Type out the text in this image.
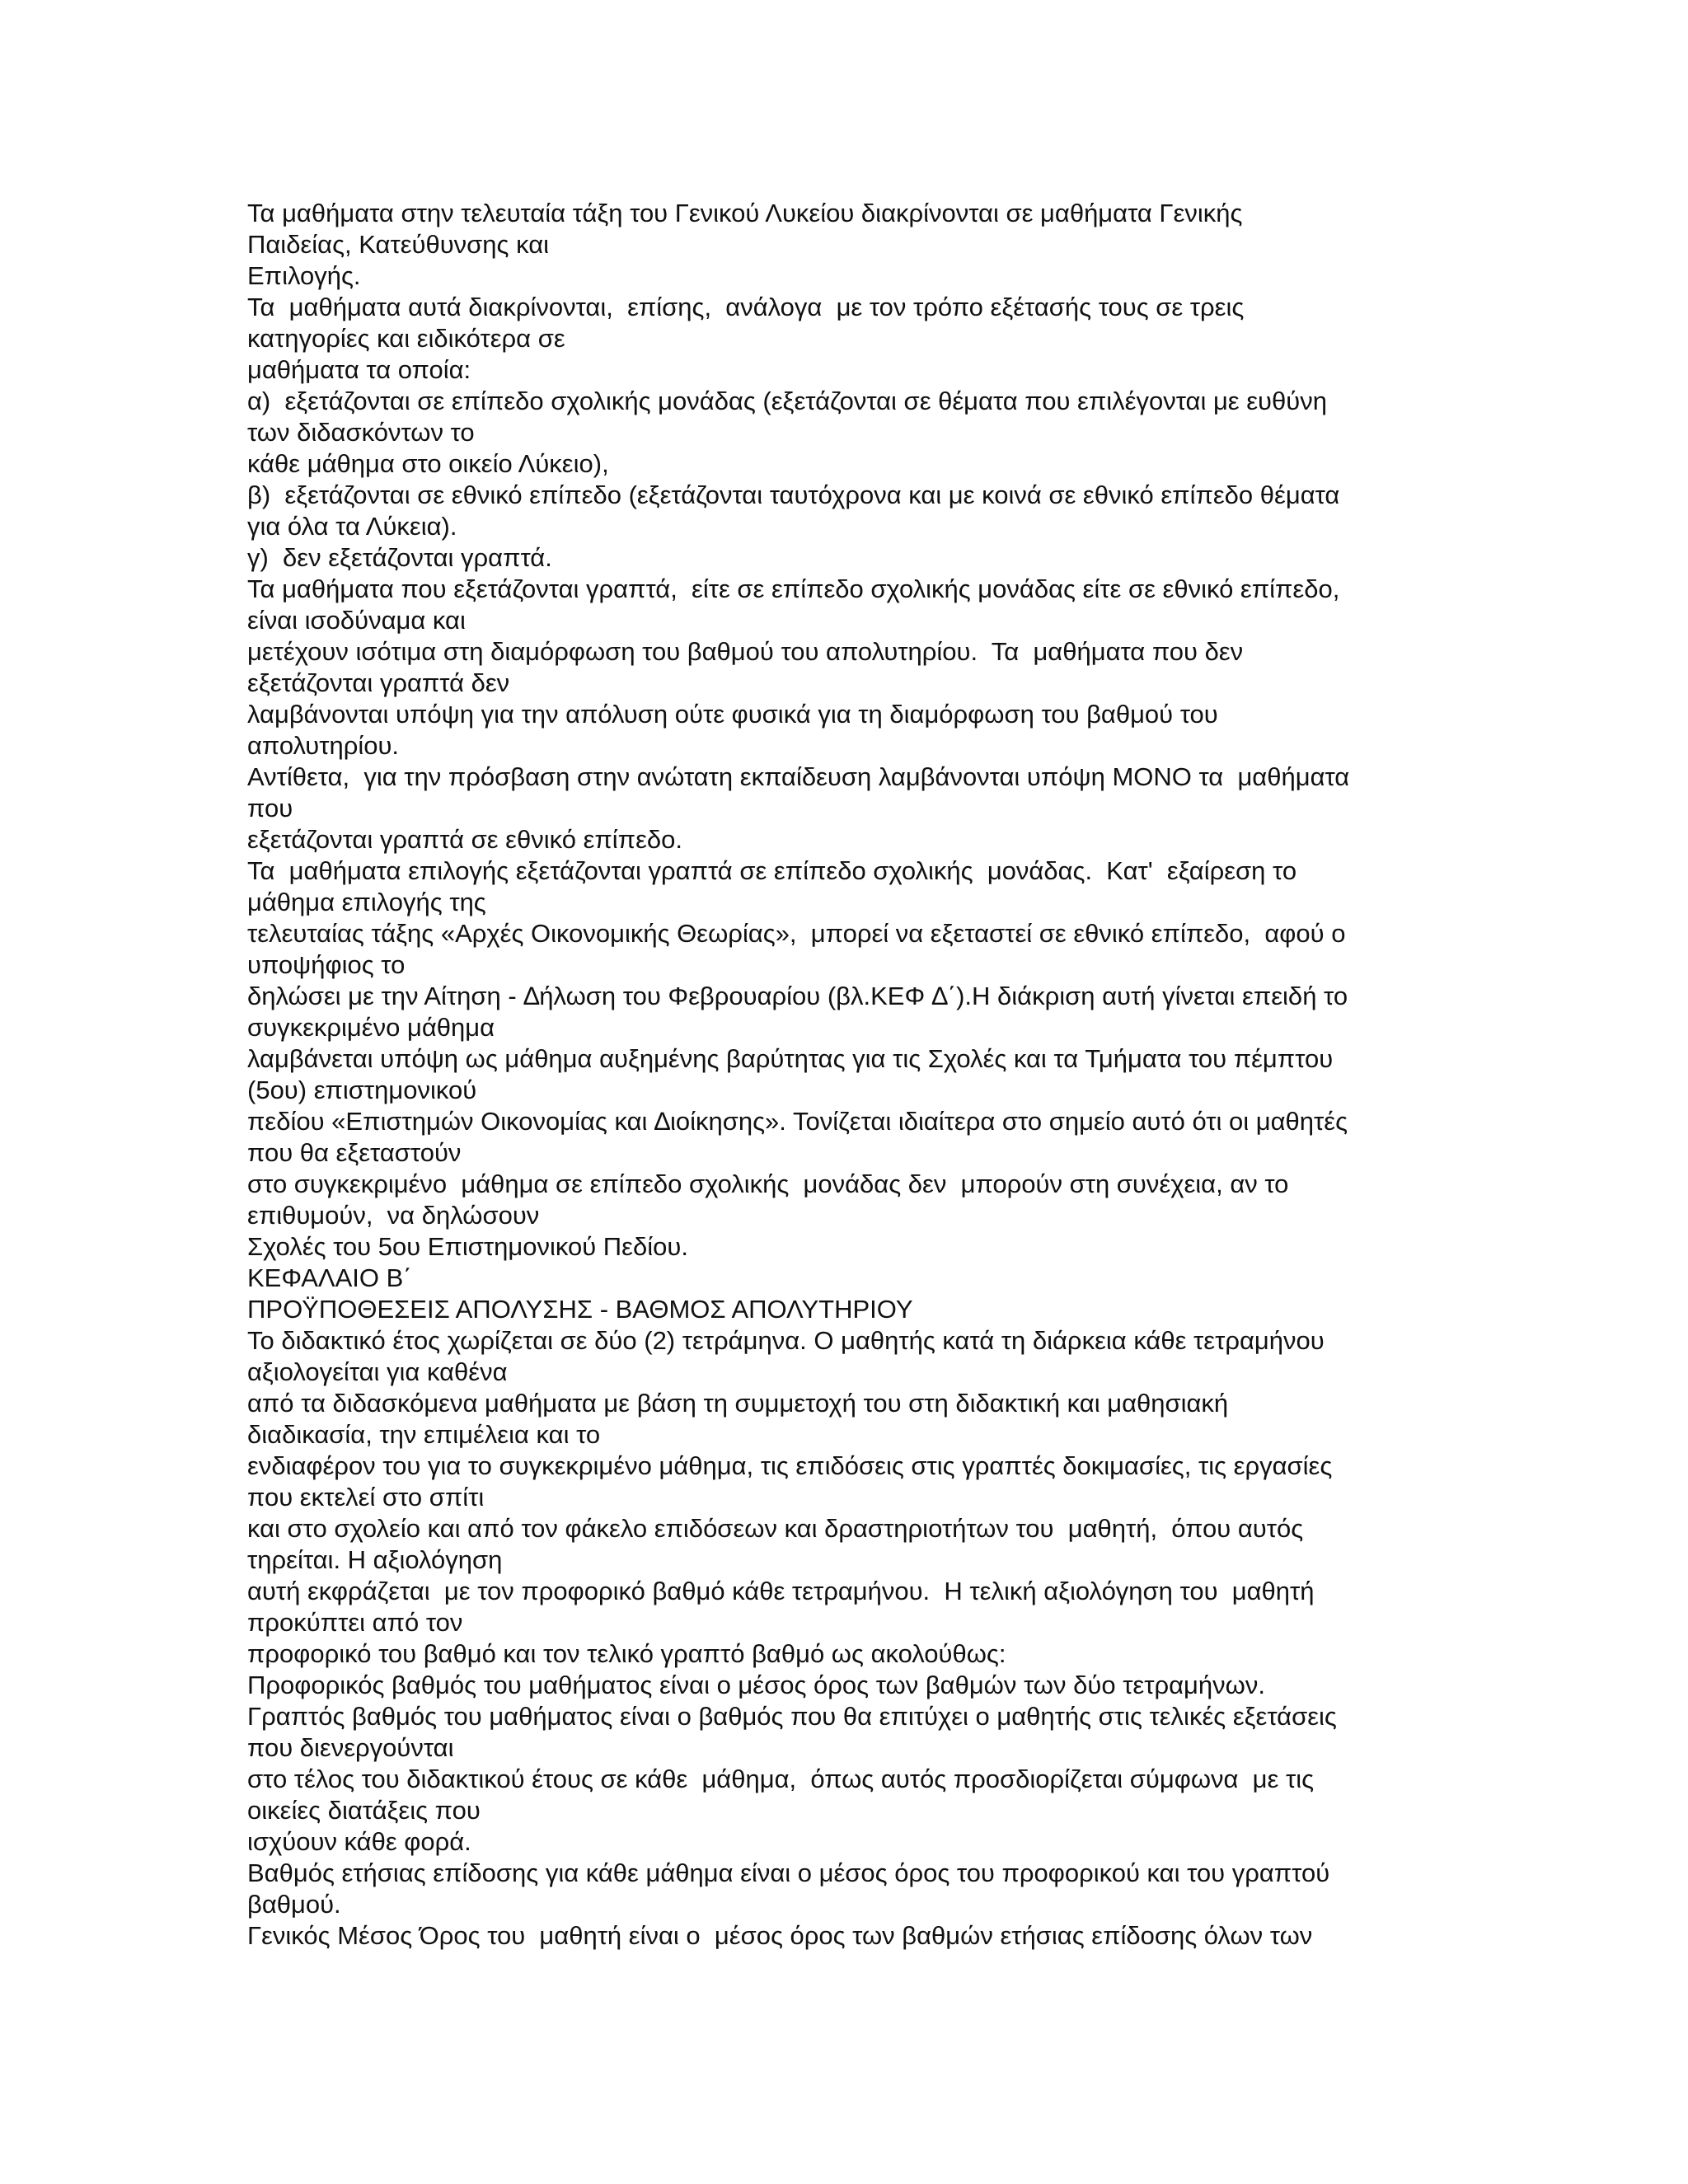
Τα μαθήματα στην τελευταία τάξη του Γενικού Λυκείου διακρίνονται σε μαθήματα Γενικής
Παιδείας, Κατεύθυνσης και
Επιλογής.
Τα  μαθήματα αυτά διακρίνονται,  επίσης,  ανάλογα  με τον τρόπο εξέτασής τους σε τρεις
κατηγορίες και ειδικότερα σε
μαθήματα τα οποία:
α)  εξετάζονται σε επίπεδο σχολικής μονάδας (εξετάζονται σε θέματα που επιλέγονται με ευθύνη
των διδασκόντων το
κάθε μάθημα στο οικείο Λύκειο),
β)  εξετάζονται σε εθνικό επίπεδο (εξετάζονται ταυτόχρονα και με κοινά σε εθνικό επίπεδο θέματα
για όλα τα Λύκεια).
γ)  δεν εξετάζονται γραπτά.
Τα μαθήματα που εξετάζονται γραπτά,  είτε σε επίπεδο σχολικής μονάδας είτε σε εθνικό επίπεδο,
είναι ισοδύναμα και
μετέχουν ισότιμα στη διαμόρφωση του βαθμού του απολυτηρίου.  Τα  μαθήματα που δεν
εξετάζονται γραπτά δεν
λαμβάνονται υπόψη για την απόλυση ούτε φυσικά για τη διαμόρφωση του βαθμού του
απολυτηρίου.
Αντίθετα,  για την πρόσβαση στην ανώτατη εκπαίδευση λαμβάνονται υπόψη ΜΟΝΟ τα  μαθήματα
που
εξετάζονται γραπτά σε εθνικό επίπεδο.
Τα  μαθήματα επιλογής εξετάζονται γραπτά σε επίπεδο σχολικής  μονάδας.  Κατ'  εξαίρεση το
μάθημα επιλογής της
τελευταίας τάξης «Αρχές Οικονομικής Θεωρίας»,  μπορεί να εξεταστεί σε εθνικό επίπεδο,  αφού ο
υποψήφιος το
δηλώσει με την Αίτηση - ∆ήλωση του Φεβρουαρίου (βλ.ΚΕΦ ∆΄).Η διάκριση αυτή γίνεται επειδή το
συγκεκριμένο μάθημα
λαμβάνεται υπόψη ως μάθημα αυξημένης βαρύτητας για τις Σχολές και τα Τμήματα του πέμπτου
(5ου) επιστημονικού
πεδίου «Επιστημών Οικονομίας και ∆ιοίκησης». Τονίζεται ιδιαίτερα στο σημείο αυτό ότι οι μαθητές
που θα εξεταστούν
στο συγκεκριμένο  μάθημα σε επίπεδο σχολικής  μονάδας δεν  μπορούν στη συνέχεια, αν το
επιθυμούν,  να δηλώσουν
Σχολές του 5ου Επιστημονικού Πεδίου.
ΚΕΦΑΛΑΙΟ Β΄
ΠΡΟΫΠΟΘΕΣΕΙΣ ΑΠΟΛΥΣΗΣ - ΒΑΘΜΟΣ ΑΠΟΛΥΤΗΡΙΟΥ
Το διδακτικό έτος χωρίζεται σε δύο (2) τετράμηνα. Ο μαθητής κατά τη διάρκεια κάθε τετραμήνου
αξιολογείται για καθένα
από τα διδασκόμενα μαθήματα με βάση τη συμμετοχή του στη διδακτική και μαθησιακή
διαδικασία, την επιμέλεια και το
ενδιαφέρον του για το συγκεκριμένο μάθημα, τις επιδόσεις στις γραπτές δοκιμασίες, τις εργασίες
που εκτελεί στο σπίτι
και στο σχολείο και από τον φάκελο επιδόσεων και δραστηριοτήτων του  μαθητή,  όπου αυτός
τηρείται. Η αξιολόγηση
αυτή εκφράζεται  με τον προφορικό βαθμό κάθε τετραμήνου.  Η τελική αξιολόγηση του  μαθητή
προκύπτει από τον
προφορικό του βαθμό και τον τελικό γραπτό βαθμό ως ακολούθως:
Προφορικός βαθμός του μαθήματος είναι ο μέσος όρος των βαθμών των δύο τετραμήνων.
Γραπτός βαθμός του μαθήματος είναι ο βαθμός που θα επιτύχει ο μαθητής στις τελικές εξετάσεις
που διενεργούνται
στο τέλος του διδακτικού έτους σε κάθε  μάθημα,  όπως αυτός προσδιορίζεται σύμφωνα  με τις
οικείες διατάξεις που
ισχύουν κάθε φορά.
Βαθμός ετήσιας επίδοσης για κάθε μάθημα είναι ο μέσος όρος του προφορικού και του γραπτού
βαθμού.
Γενικός Μέσος Όρος του  μαθητή είναι ο  μέσος όρος των βαθμών ετήσιας επίδοσης όλων των
